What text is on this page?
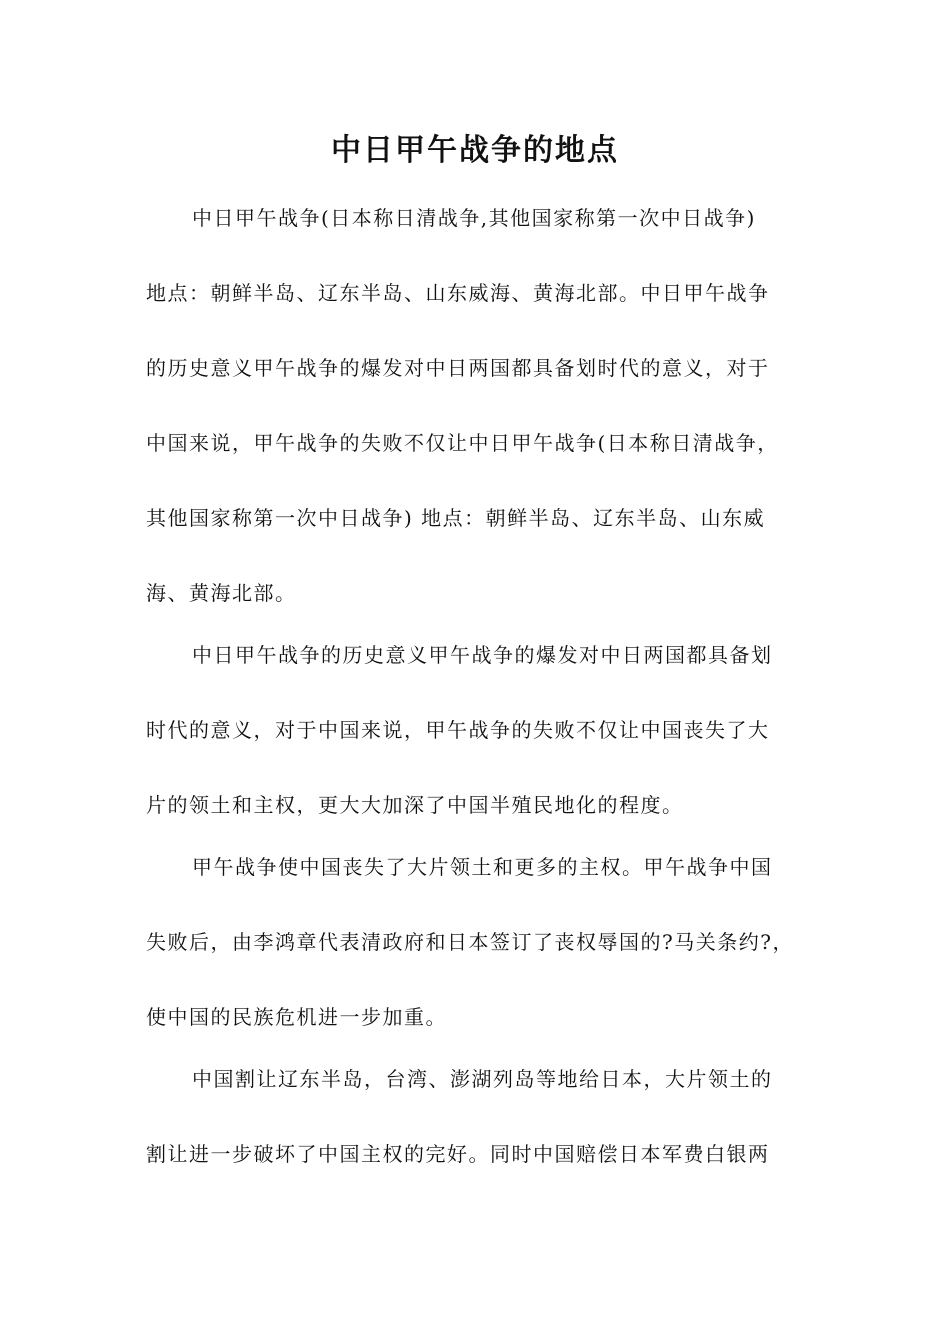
中日甲午战争的地点
中日甲午战争(日本称日清战争,其他国家称第一次中日战争)
地点：朝鲜半岛、辽东半岛、山东威海、黄海北部。中日甲午战争
的历史意义甲午战争的爆发对中日两国都具备划时代的意义，对于
中国来说，甲午战争的失败不仅让中日甲午战争(日本称日清战争，
其他国家称第一次中日战争) 地点：朝鲜半岛、辽东半岛、山东威
海、黄海北部。
中日甲午战争的历史意义甲午战争的爆发对中日两国都具备划
时代的意义，对于中国来说，甲午战争的失败不仅让中国丧失了大
片的领土和主权，更大大加深了中国半殖民地化的程度。
甲午战争使中国丧失了大片领土和更多的主权。甲午战争中国
失败后，由李鸿章代表清政府和日本签订了丧权辱国的?马关条约?，
使中国的民族危机进一步加重。
中国割让辽东半岛，台湾、澎湖列岛等地给日本，大片领土的
割让进一步破坏了中国主权的完好。同时中国赔偿日本军费白银两
